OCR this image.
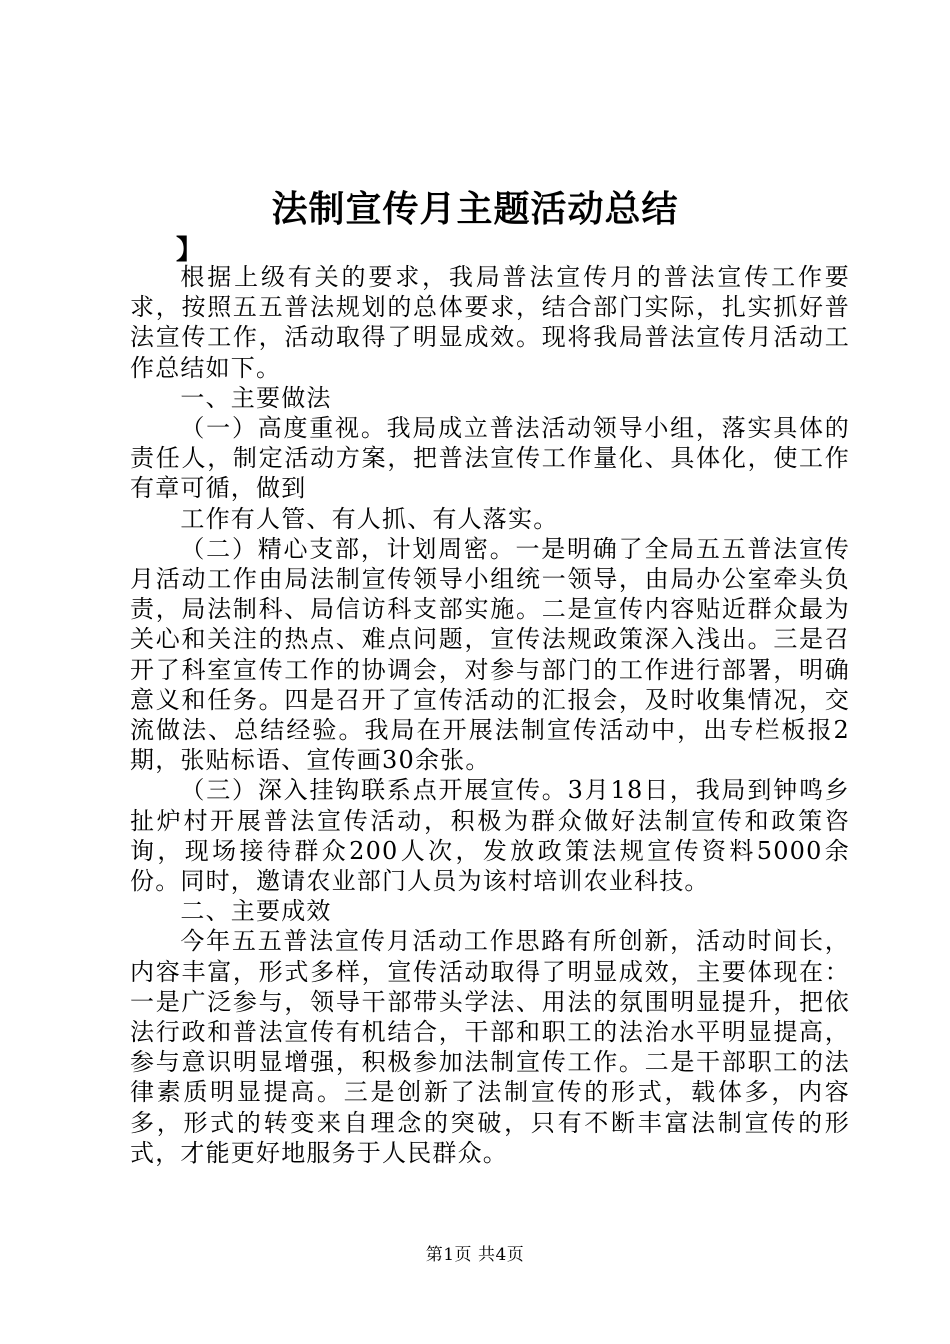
法制宣传月主题活动总结
】

根据上级有关的要求，我局普法宣传月的普法宣传工作要求，按照五五普法规划的总体要求，结合部门实际，扎实抓好普法宣传工作，活动取得了明显成效。现将我局普法宣传月活动工作总结如下。

一、主要做法

（一）高度重视。我局成立普法活动领导小组，落实具体的责任人，制定活动方案，把普法宣传工作量化、具体化，使工作有章可循，做到

工作有人管、有人抓、有人落实。

（二）精心支部，计划周密。一是明确了全局五五普法宣传月活动工作由局法制宣传领导小组统一领导，由局办公室牵头负责，局法制科、局信访科支部实施。二是宣传内容贴近群众最为关心和关注的热点、难点问题，宣传法规政策深入浅出。三是召开了科室宣传工作的协调会，对参与部门的工作进行部署，明确意义和任务。四是召开了宣传活动的汇报会，及时收集情况，交流做法、总结经验。我局在开展法制宣传活动中，出专栏板报2期，张贴标语、宣传画30余张。

（三）深入挂钩联系点开展宣传。3月18日，我局到钟鸣乡扯炉村开展普法宣传活动，积极为群众做好法制宣传和政策咨询，现场接待群众200人次，发放政策法规宣传资料5000余份。同时，邀请农业部门人员为该村培训农业科技。

二、主要成效

今年五五普法宣传月活动工作思路有所创新，活动时间长，内容丰富，形式多样，宣传活动取得了明显成效，主要体现在：一是广泛参与，领导干部带头学法、用法的氛围明显提升，把依法行政和普法宣传有机结合，干部和职工的法治水平明显提高，参与意识明显增强，积极参加法制宣传工作。二是干部职工的法律素质明显提高。三是创新了法制宣传的形式，载体多，内容多，形式的转变来自理念的突破，只有不断丰富法制宣传的形式，才能更好地服务于人民群众。

第1页 共4页
